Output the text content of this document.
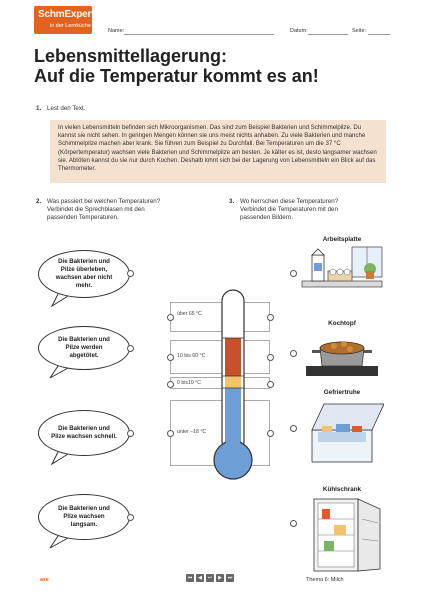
SchmExperten
in der Lernküche
Name:	Datum:	Seite:
Lebensmittellagerung:
Auf die Temperatur kommt es an!
1. Lest den Text.
In vielen Lebensmitteln befinden sich Mikroorganismen. Das sind zum Beispiel Bakterien und Schimmelpilze. Du kannst sie nicht sehen. In geringen Mengen können sie uns meist nichts anhaben. Zu viele Bakterien und manche Schimmelpilze machen aber krank. Sie führen zum Beispiel zu Durchfall. Bei Temperaturen um die 37 °C (Körpertemperatur) wachsen viele Bakterien und Schimmelpilze am besten. Je kälter es ist, desto langsamer wachsen sie. Abtöten kannst du sie nur durch Kochen. Deshalb lohnt sich bei der Lagerung von Lebensmitteln ein Blick auf das Thermometer.
2. Was passiert bei welchen Temperaturen?
Verbindet die Sprechblasen mit den
passenden Temperaturen.
3. Wo herrschen diese Temperaturen?
Verbindet die Temperaturen mit den
passenden Bildern.
Die Bakterien und Pilze überleben, wachsen aber nicht mehr.
Die Bakterien und Pilze werden abgetötet.
Die Bakterien und Pilze wachsen schnell.
Die Bakterien und Pilze wachsen langsam.
über 65 °C
10 bis 60 °C
0 bis10 °C
unter –18 °C
Arbeitsplatte
Kochtopf
Gefriertruhe
Kühlschrank
aze	⏮	◀	↩	▶	⏭	Thema 6: Milch
